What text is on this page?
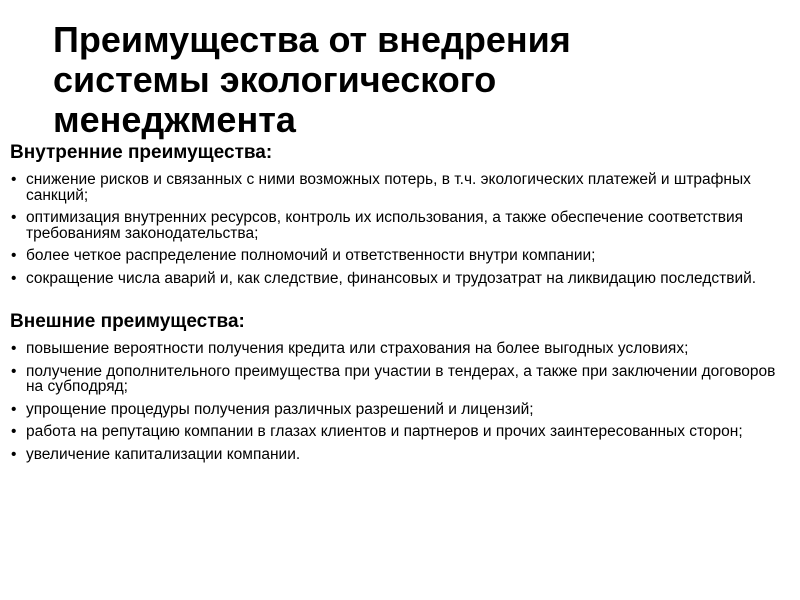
Преимущества от внедрения
системы экологического
менеджмента
Внутренние преимущества:
• снижение рисков и связанных с ними возможных потерь, в т.ч. экологических платежей и штрафных санкций;
• оптимизация внутренних ресурсов, контроль их использования, а также обеспечение соответствия требованиям законодательства;
• более четкое распределение полномочий и ответственности внутри компании;
• сокращение числа аварий и, как следствие, финансовых и трудозатрат на ликвидацию последствий.
Внешние преимущества:
• повышение вероятности получения кредита или страхования на более выгодных условиях;
• получение дополнительного преимущества при участии в тендерах, а также при заключении договоров на субподряд;
• упрощение процедуры получения различных разрешений и лицензий;
• работа на репутацию компании в глазах клиентов и партнеров и прочих заинтересованных сторон;
• увеличение капитализации компании.
